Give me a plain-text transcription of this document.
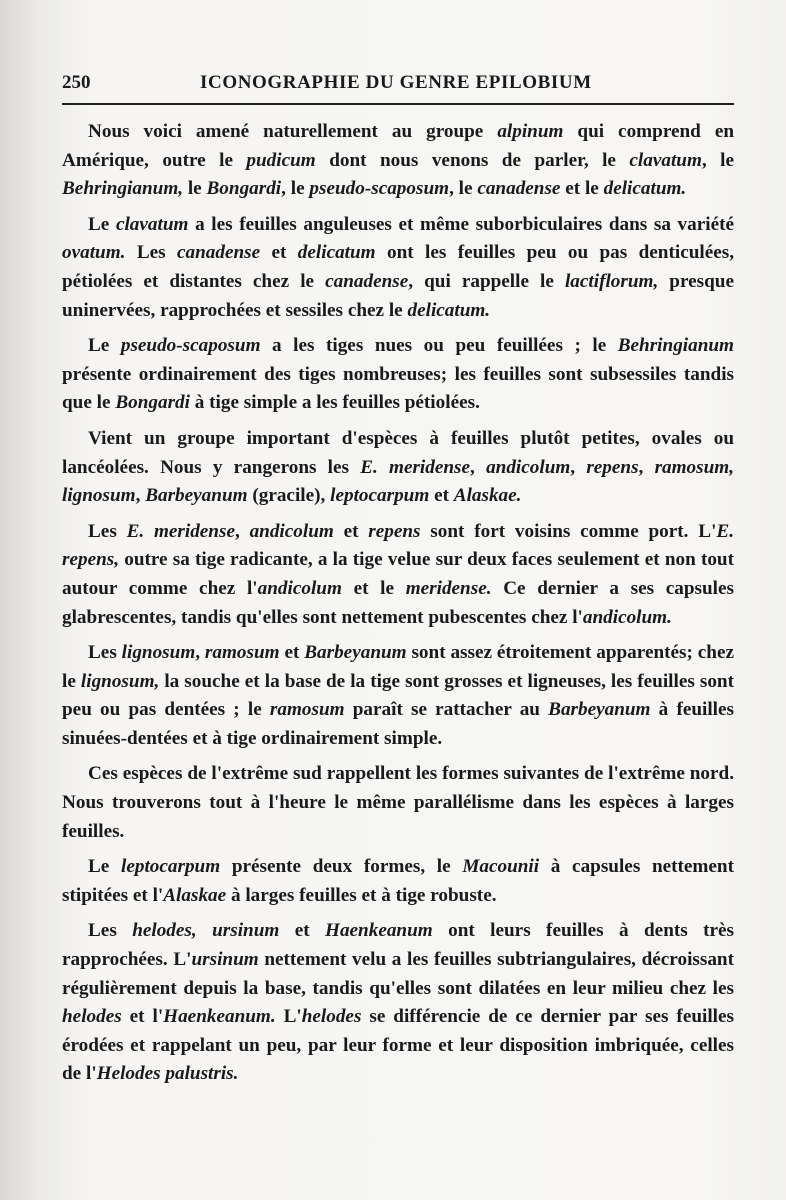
250	ICONOGRAPHIE DU GENRE EPILOBIUM

Nous voici amené naturellement au groupe alpinum qui comprend en Amérique, outre le pudicum dont nous venons de parler, le clavatum, le Behringianum, le Bongardi, le pseudo-scaposum, le canadense et le delicatum.

Le clavatum a les feuilles anguleuses et même suborbiculaires dans sa variété ovatum. Les canadense et delicatum ont les feuilles peu ou pas denticulées, pétiolées et distantes chez le canadense, qui rappelle le lactiflorum, presque uninervées, rapprochées et sessiles chez le delicatum.

Le pseudo-scaposum a les tiges nues ou peu feuillées ; le Behringianum présente ordinairement des tiges nombreuses; les feuilles sont subsessiles tandis que le Bongardi à tige simple a les feuilles pétiolées.

Vient un groupe important d'espèces à feuilles plutôt petites, ovales ou lancéolées. Nous y rangerons les E. meridense, andicolum, repens, ramosum, lignosum, Barbeyanum (gracile), leptocarpum et Alaskae.

Les E. meridense, andicolum et repens sont fort voisins comme port. L'E. repens, outre sa tige radicante, a la tige velue sur deux faces seulement et non tout autour comme chez l'andicolum et le meridense. Ce dernier a ses capsules glabrescentes, tandis qu'elles sont nettement pubescentes chez l'andicolum.

Les lignosum, ramosum et Barbeyanum sont assez étroitement apparentés; chez le lignosum, la souche et la base de la tige sont grosses et ligneuses, les feuilles sont peu ou pas dentées ; le ramosum paraît se rattacher au Barbeyanum à feuilles sinuées-dentées et à tige ordinairement simple.

Ces espèces de l'extrême sud rappellent les formes suivantes de l'extrême nord. Nous trouverons tout à l'heure le même parallélisme dans les espèces à larges feuilles.

Le leptocarpum présente deux formes, le Macounii à capsules nettement stipitées et l'Alaskae à larges feuilles et à tige robuste.

Les helodes, ursinum et Haenkeanum ont leurs feuilles à dents très rapprochées. L'ursinum nettement velu a les feuilles subtriangulaires, décroissant régulièrement depuis la base, tandis qu'elles sont dilatées en leur milieu chez les helodes et l'Haenkeanum. L'helodes se différencie de ce dernier par ses feuilles érodées et rappelant un peu, par leur forme et leur disposition imbriquée, celles de l'Helodes palustris.
